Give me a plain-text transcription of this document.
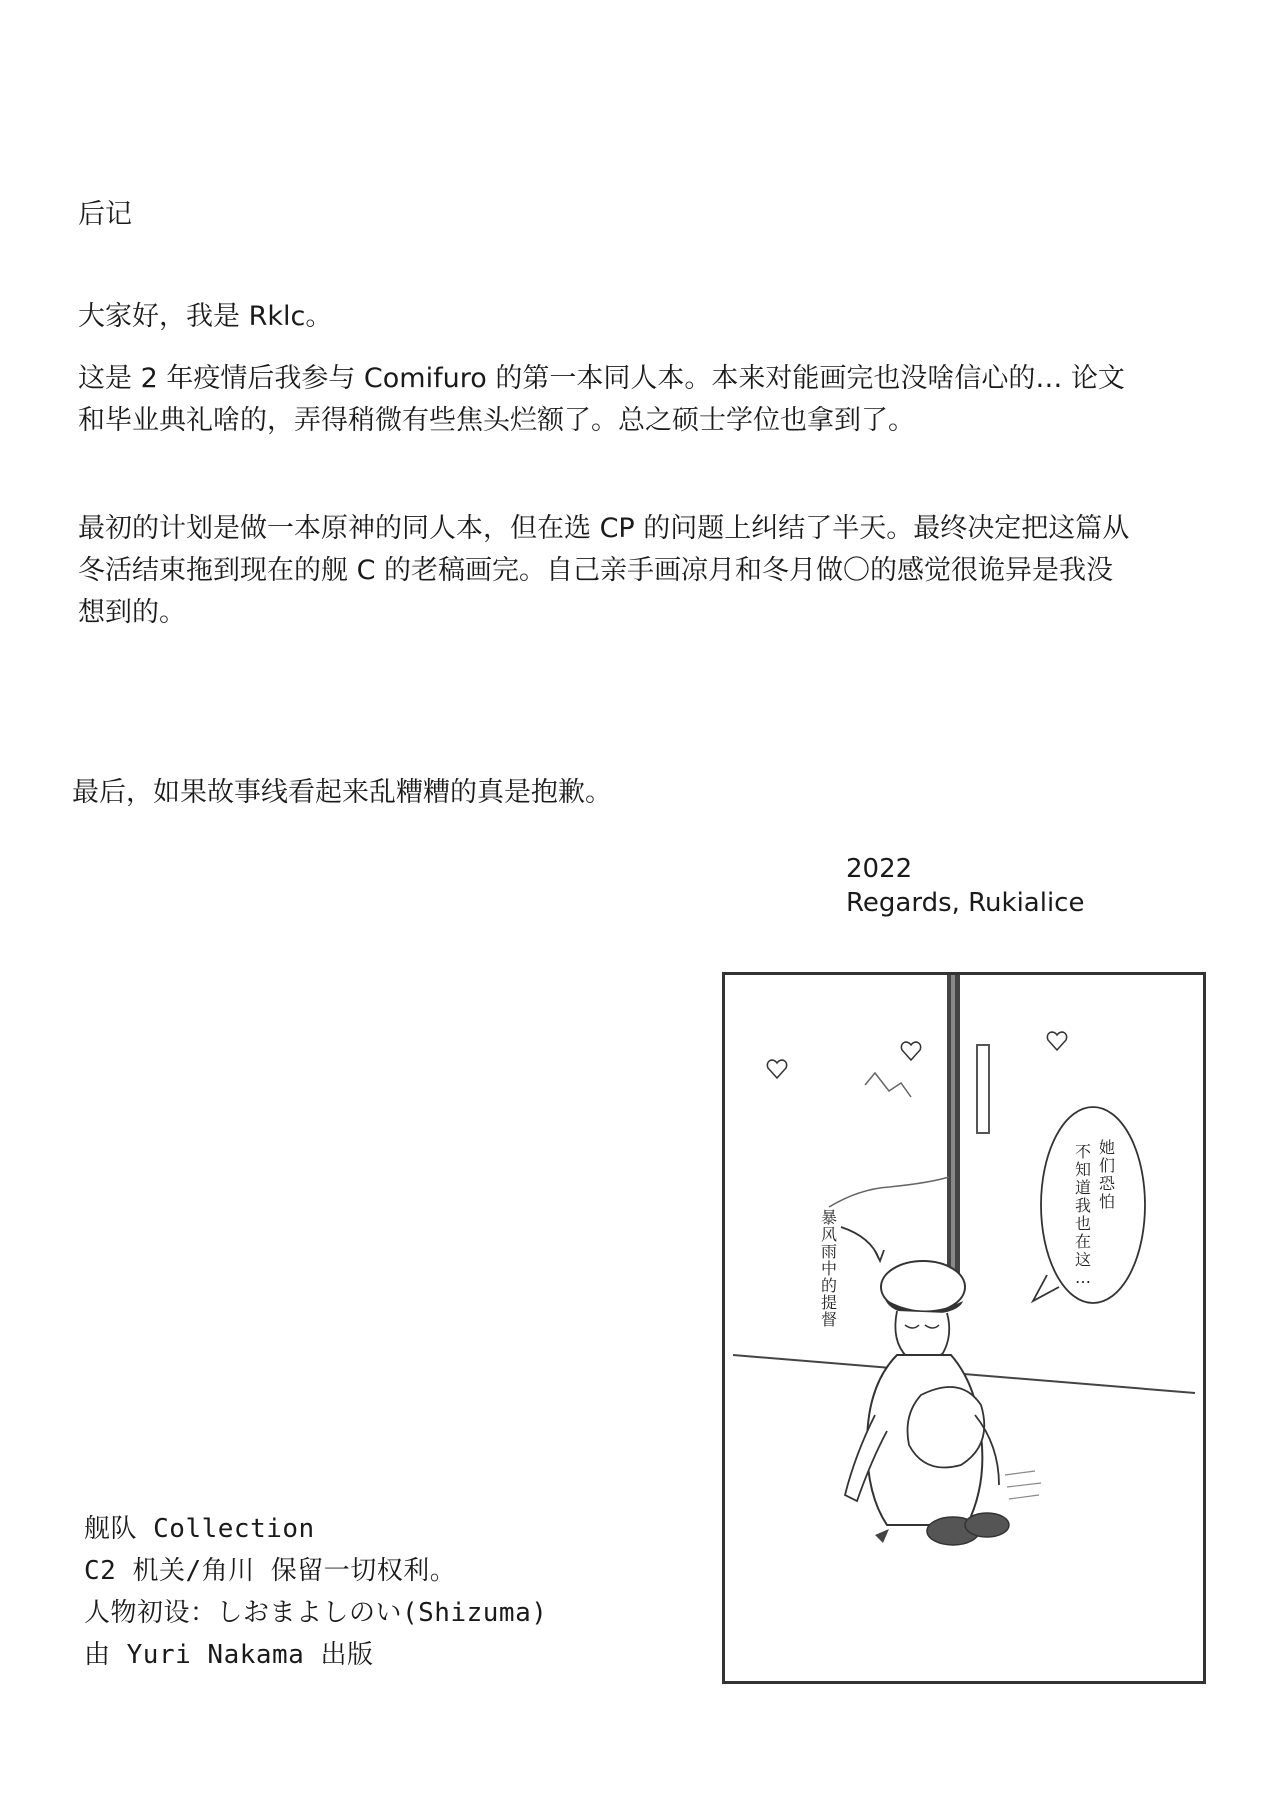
后记
大家好，我是 Rklc。
这是 2 年疫情后我参与 Comifuro 的第一本同人本。本来对能画完也没啥信心的… 论文
和毕业典礼啥的，弄得稍微有些焦头烂额了。总之硕士学位也拿到了。
最初的计划是做一本原神的同人本，但在选 CP 的问题上纠结了半天。最终决定把这篇从
冬活结束拖到现在的舰 C 的老稿画完。自己亲手画凉月和冬月做〇的感觉很诡异是我没
想到的。
最后，如果故事线看起来乱糟糟的真是抱歉。
2022
Regards, Rukialice
舰队 Collection
C2 机关/角川 保留一切权利。
人物初设：しおまよしのい(Shizuma)
由 Yuri Nakama 出版
暴
风
雨
中
的
提
督
她
们
恐
怕
不
知
道
我
也
在
这
…
